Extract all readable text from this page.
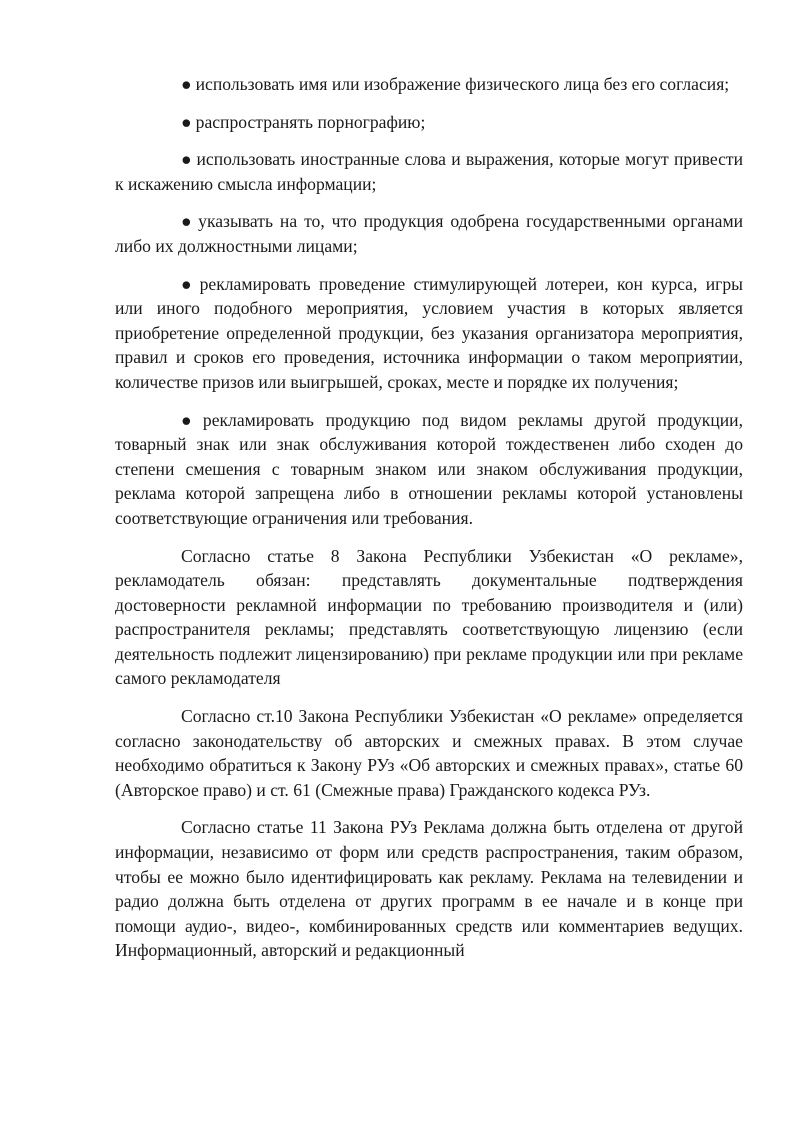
● использовать имя или изображение физического лица без его согласия;

● распространять порнографию;

● использовать иностранные слова и выражения, которые могут привести к искажению смысла информации;

● указывать на то, что продукция одобрена государственными органами либо их должностными лицами;

● рекламировать проведение стимулирующей лотереи, кон курса, игры или иного подобного мероприятия, условием участия в которых является приобретение определенной продукции, без указания организатора мероприятия, правил и сроков его проведения, источника информации о таком мероприятии, количестве призов или выигрышей, сроках, месте и порядке их получения;

● рекламировать продукцию под видом рекламы другой продукции, товарный знак или знак обслуживания которой тождественен либо сходен до степени смешения с товарным знаком или знаком обслуживания продукции, реклама которой запрещена либо в отношении рекламы которой установлены соответствующие ограничения или требования.

Согласно статье 8 Закона Республики Узбекистан «О рекламе», рекламодатель обязан: представлять документальные подтверждения достоверности рекламной информации по требованию производителя и (или) распространителя рекламы; представлять соответствующую лицензию (если деятельность подлежит лицензированию) при рекламе продукции или при рекламе самого рекламодателя

Согласно ст.10 Закона Республики Узбекистан «О рекламе» определяется согласно законодательству об авторских и смежных правах. В этом случае необходимо обратиться к Закону РУз «Об авторских и смежных правах», статье 60 (Авторское право) и ст. 61 (Смежные права) Гражданского кодекса РУз.

Согласно статье 11 Закона РУз Реклама должна быть отделена от другой информации, независимо от форм или средств распространения, таким образом, чтобы ее можно было идентифицировать как рекламу. Реклама на телевидении и радио должна быть отделена от других программ в ее начале и в конце при помощи аудио-, видео-, комбинированных средств или комментариев ведущих. Информационный, авторский и редакционный
